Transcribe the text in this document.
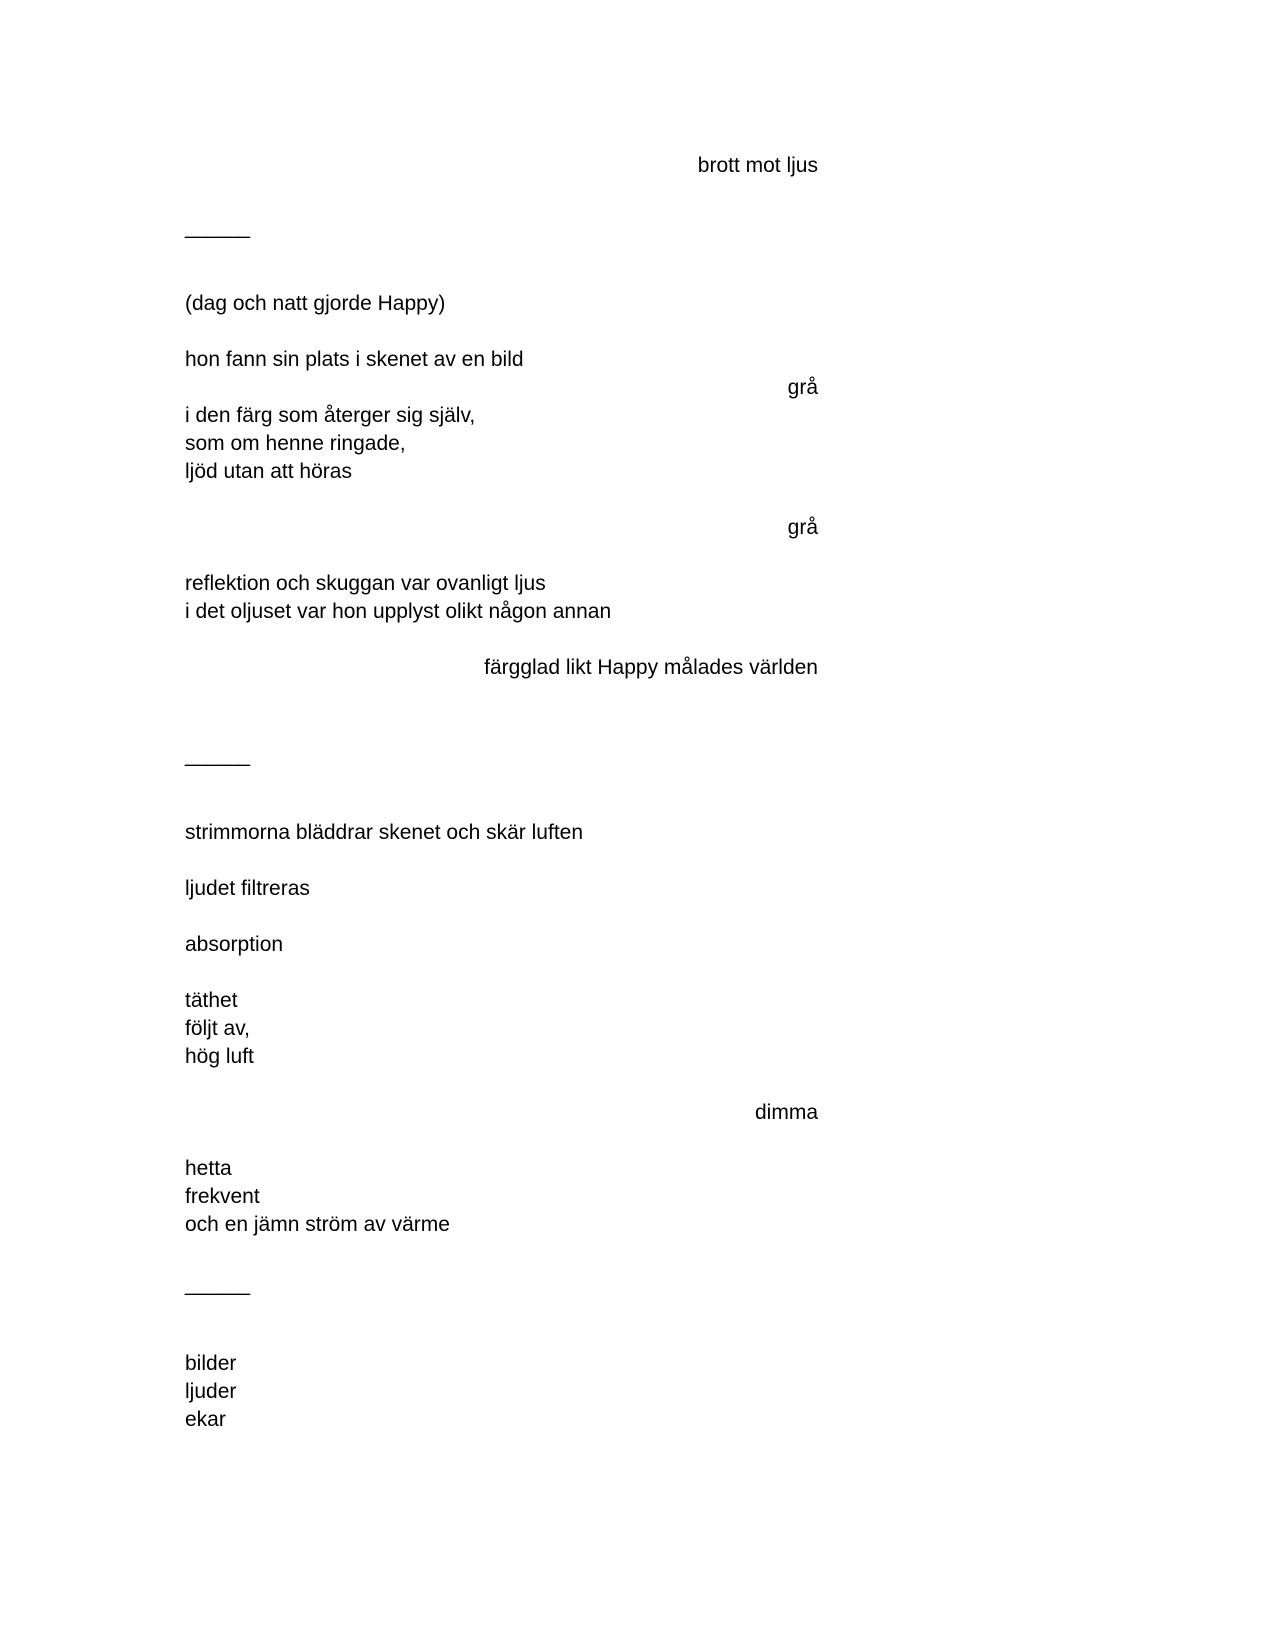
brott mot ljus
______
(dag och natt gjorde Happy)
hon fann sin plats i skenet av en bild
grå
i den färg som återger sig själv,
som om henne ringade,
ljöd utan att höras
grå
reflektion och skuggan var ovanligt ljus
i det oljuset var hon upplyst olikt någon annan
färgglad likt Happy målades världen
______
strimmorna bläddrar skenet och skär luften
ljudet filtreras
absorption
täthet
följt av,
hög luft
dimma
hetta
frekvent
och en jämn ström av värme
______
bilder
ljuder
ekar
